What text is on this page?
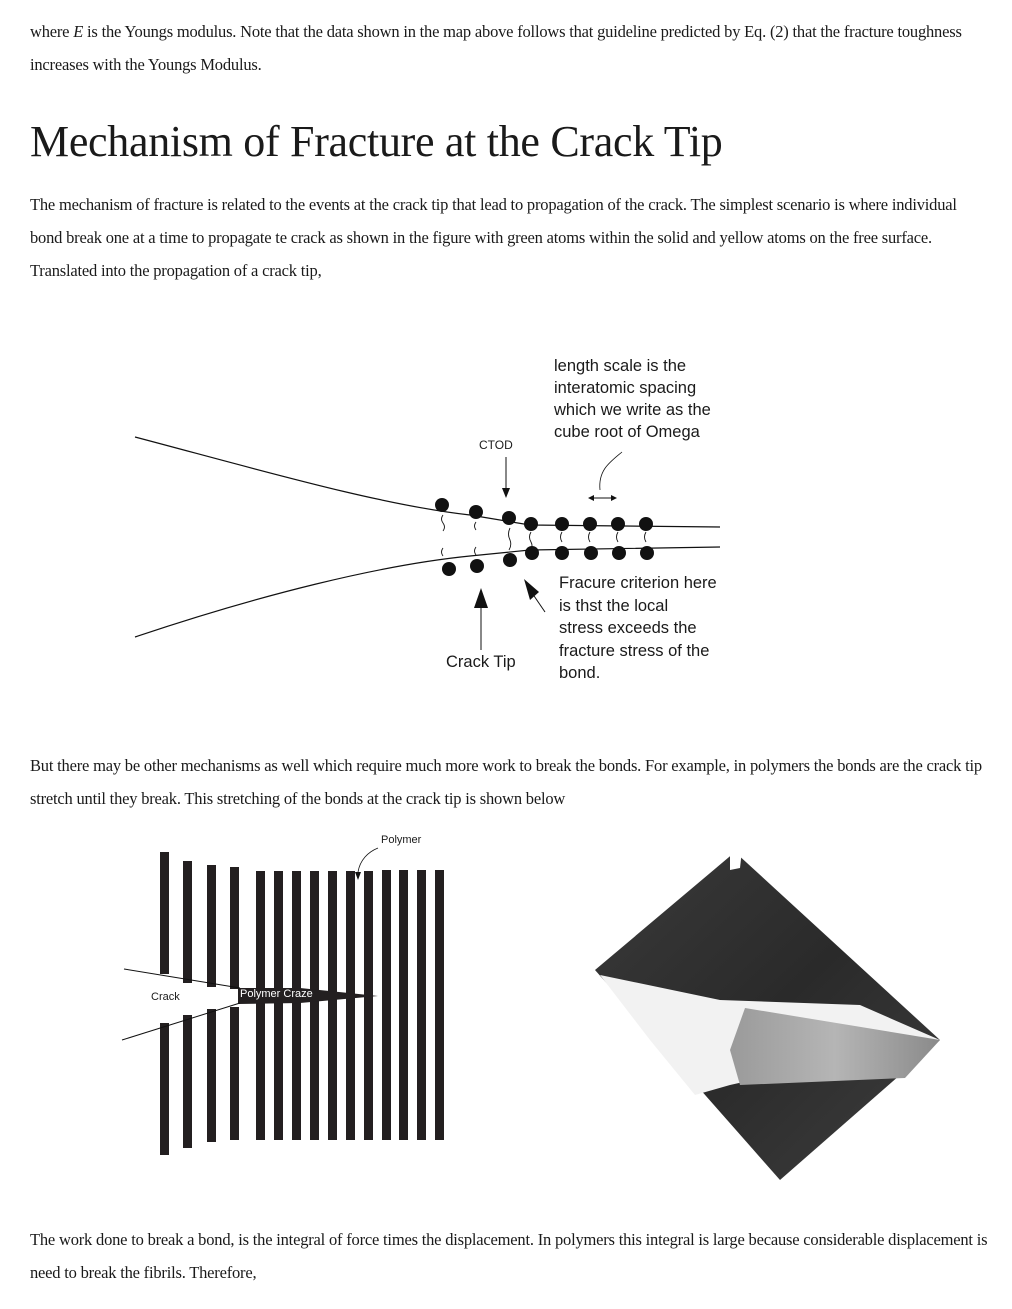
where E is the Youngs modulus. Note that the data shown in the map above follows that guideline predicted by Eq. (2) that the fracture toughness increases with the Youngs Modulus.

Mechanism of Fracture at the Crack Tip

The mechanism of fracture is related to the events at the crack tip that lead to propagation of the crack. The simplest scenario is where individual bond break one at a time to propagate te crack as shown in the figure with green atoms within the solid and yellow atoms on the free surface. Translated into the propagation of a crack tip,

CTOD
length scale is the
interatomic spacing
which we write as the
cube root of Omega
Fracure criterion here
is thst the local
stress exceeds the
fracture stress of the
bond.
Crack Tip

But there may be other mechanisms as well which require much more work to break the bonds. For example, in polymers the bonds are the crack tip stretch until they break. This stretching of the bonds at the crack tip is shown below

Polymer
Crack	Polymer Craze

The work done to break a bond, is the integral of force times the displacement. In polymers this integral is large because considerable displacement is need to break the fibrils. Therefore,
